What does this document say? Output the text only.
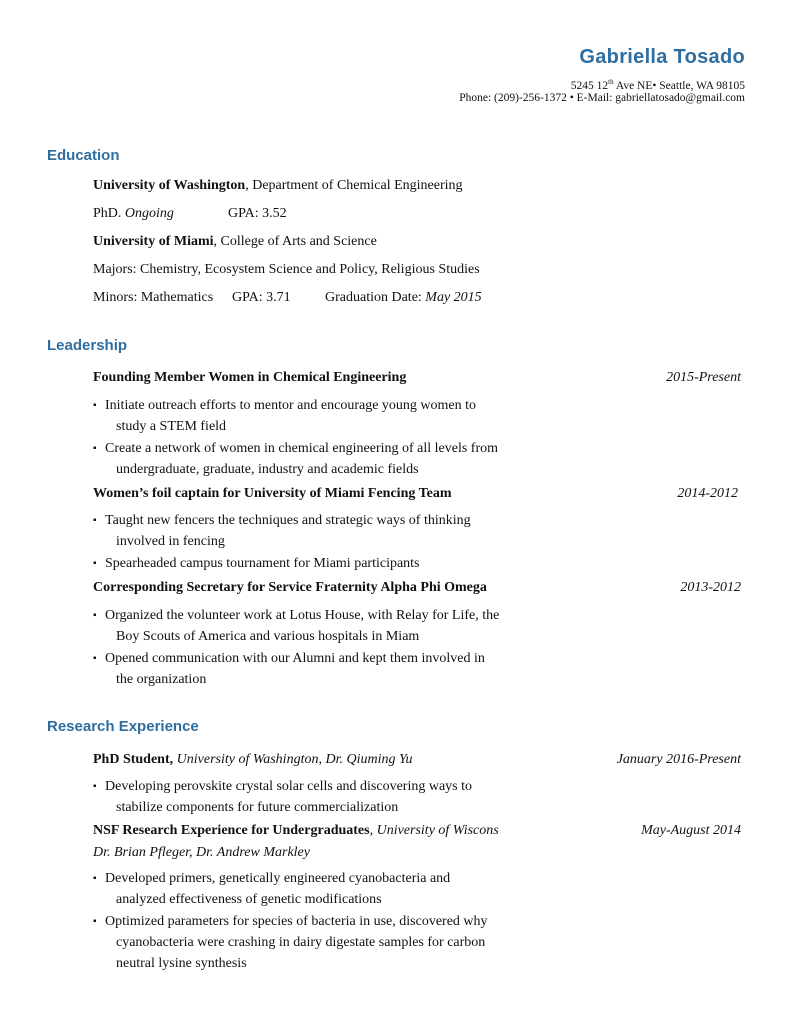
Gabriella Tosado
5245 12th Ave NE• Seattle, WA 98105
Phone: (209)-256-1372 • E-Mail: gabriellatosado@gmail.com
Education
University of Washington, Department of Chemical Engineering
PhD. Ongoing	GPA: 3.52
University of Miami, College of Arts and Science
Majors: Chemistry, Ecosystem Science and Policy, Religious Studies
Minors: Mathematics GPA: 3.71 Graduation Date: May 2015
Leadership
Founding Member Women in Chemical Engineering	2015-Present
▪ Initiate outreach efforts to mentor and encourage young women to
study a STEM field
▪ Create a network of women in chemical engineering of all levels from
undergraduate, graduate, industry and academic fields
Women’s foil captain for University of Miami Fencing Team	2014-2012
▪ Taught new fencers the techniques and strategic ways of thinking
involved in fencing
▪ Spearheaded campus tournament for Miami participants
Corresponding Secretary for Service Fraternity Alpha Phi Omega	2013-2012
▪ Organized the volunteer work at Lotus House, with Relay for Life, the
Boy Scouts of America and various hospitals in Miam
▪ Opened communication with our Alumni and kept them involved in
the organization
Research Experience
PhD Student, University of Washington, Dr. Qiuming Yu	January 2016-Present
▪ Developing perovskite crystal solar cells and discovering ways to
stabilize components for future commercialization
NSF Research Experience for Undergraduates, University of Wiscons	May-August 2014
Dr. Brian Pfleger, Dr. Andrew Markley
▪ Developed primers, genetically engineered cyanobacteria and
analyzed effectiveness of genetic modifications
▪ Optimized parameters for species of bacteria in use, discovered why
cyanobacteria were crashing in dairy digestate samples for carbon
neutral lysine synthesis
